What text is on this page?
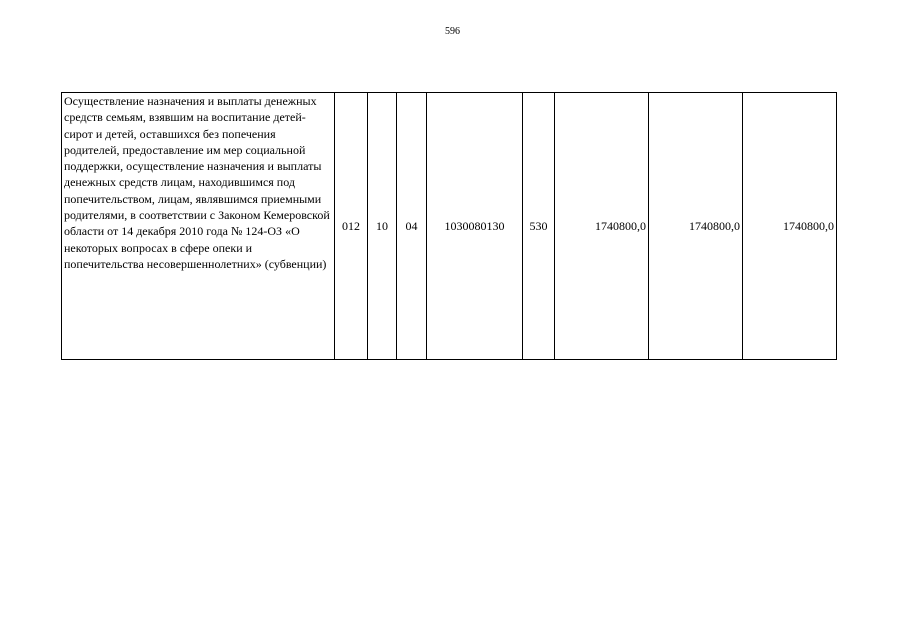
596
Осуществление назначения и выплаты денежных средств семьям, взявшим на воспитание детей-сирот и детей, оставшихся без попечения родителей, предоставление им мер социальной поддержки, осуществление назначения и выплаты денежных средств лицам, находившимся под попечительством, лицам, являвшимся приемными родителями, в соответствии с Законом Кемеровской области от 14 декабря 2010 года № 124-ОЗ «О некоторых вопросах в сфере опеки и попечительства несовершеннолетних» (субвенции)	012	10	04	1030080130	530	1740800,0	1740800,0	1740800,0
